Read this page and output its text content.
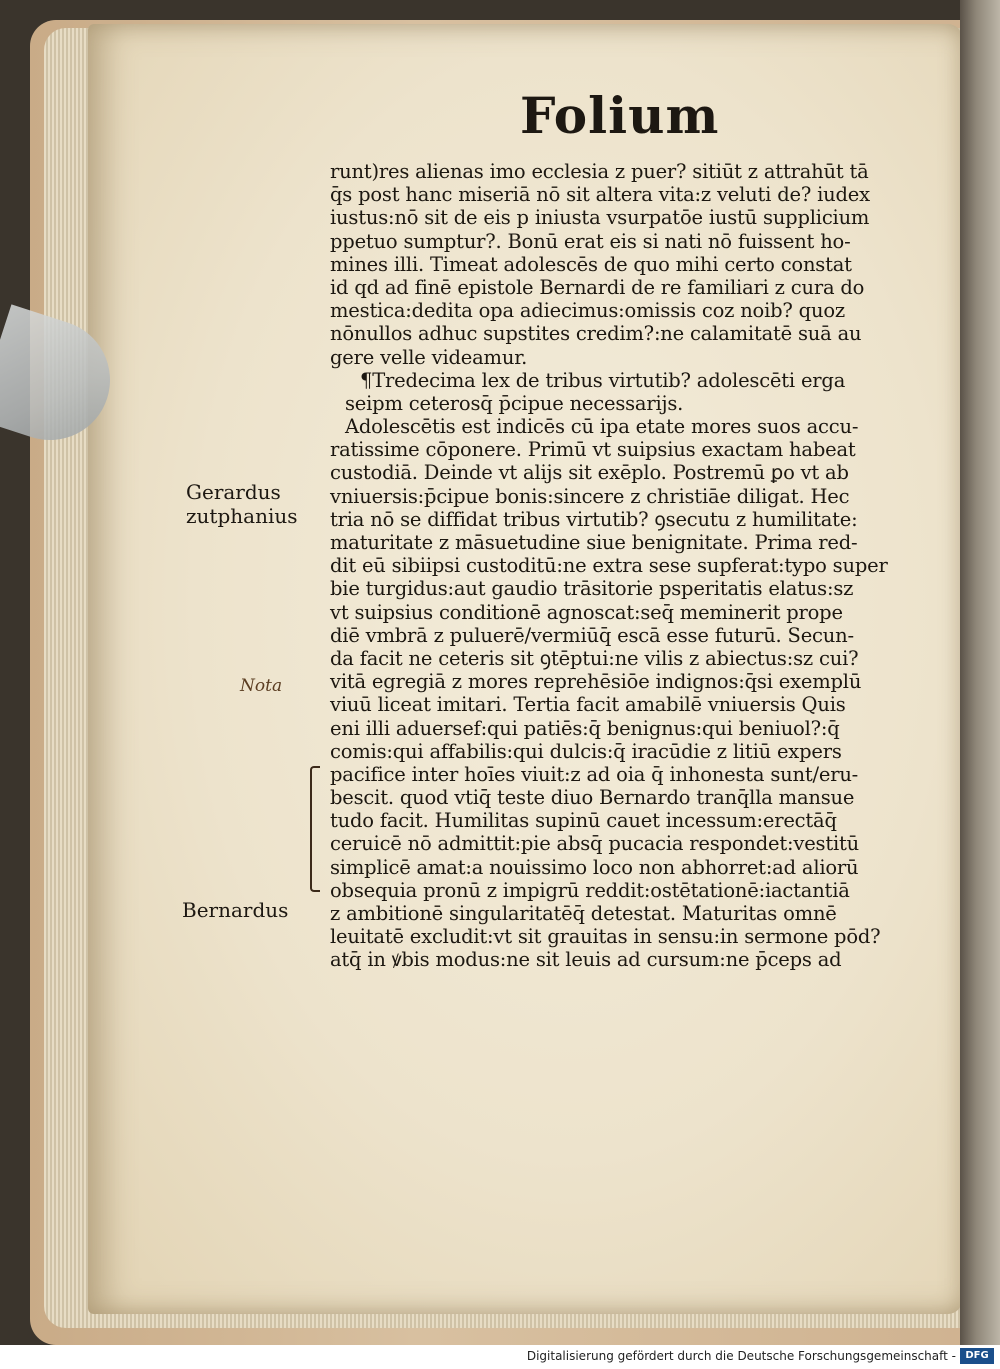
Folium
runt)res alienas imo ecclesia z puer? sitiūt z attrahūt tā
q̄s post hanc miseriā nō sit altera vita:z veluti de? iudex
iustus:nō sit de eis p iniusta vsurpatōe iustū supplicium
ppetuo sumptur?. Bonū erat eis si nati nō fuissent ho-
mines illi. Timeat adolescēs de quo mihi certo constat
id qd ad finē epistole Bernardi de re familiari z cura do
mestica:dedita opa adiecimus:omissis coz noib? quoz
nōnullos adhuc supstites credim?:ne calamitatē suā au
gere velle videamur.
¶Tredecima lex de tribus virtutib? adolescēti erga
seipm ceterosq̄ p̄cipue necessarijs.
Adolescētis est indicēs cū ipa etate mores suos accu-
ratissime cōponere. Primū vt suipsius exactam habeat
custodiā. Deinde vt alijs sit exēplo. Postremū ꝑo vt ab
vniuersis:p̄cipue bonis:sincere z christiāe diligat. Hec
tria nō se diffidat tribus virtutib? ꝯsecutu z humilitate:
maturitate z māsuetudine siue benignitate. Prima red-
dit eū sibiipsi custoditū:ne extra sese supferat:typo super
bie turgidus:aut gaudio trāsitorie psperitatis elatus:sz
vt suipsius conditionē agnoscat:seq̄ meminerit prope
diē vmbrā z puluerē/vermiūq̄ escā esse futurū. Secun-
da facit ne ceteris sit ꝯtēptui:ne vilis z abiectus:sz cui?
vitā egregiā z mores reprehēsiōe indignos:q̄si exemplū
viuū liceat imitari. Tertia facit amabilē vniuersis Quis
eni illi aduersef:qui patiēs:q̄ benignus:qui beniuol?:q̄
comis:qui affabilis:qui dulcis:q̄ iracūdie z litiū expers
pacifice inter hoīes viuit:z ad oia q̄ inhonesta sunt/eru-
bescit. quod vtiq̄ teste diuo Bernardo tranq̄lla mansue
tudo facit. Humilitas supinū cauet incessum:erectāq̄
ceruicē nō admittit:pie absq̄ pucacia respondet:vestitū
simplicē amat:a nouissimo loco non abhorret:ad aliorū
obsequia pronū z impigrū reddit:ostētationē:iactantiā
z ambitionē singularitatēq̄ detestat. Maturitas omnē
leuitatē excludit:vt sit grauitas in sensu:in sermone pōd?
atq̄ in ꝟbis modus:ne sit leuis ad cursum:ne p̄ceps ad
Gerardus
zutphanius
Nota
Bernardus
Digitalisierung gefördert durch die Deutsche Forschungsgemeinschaft - DFG
